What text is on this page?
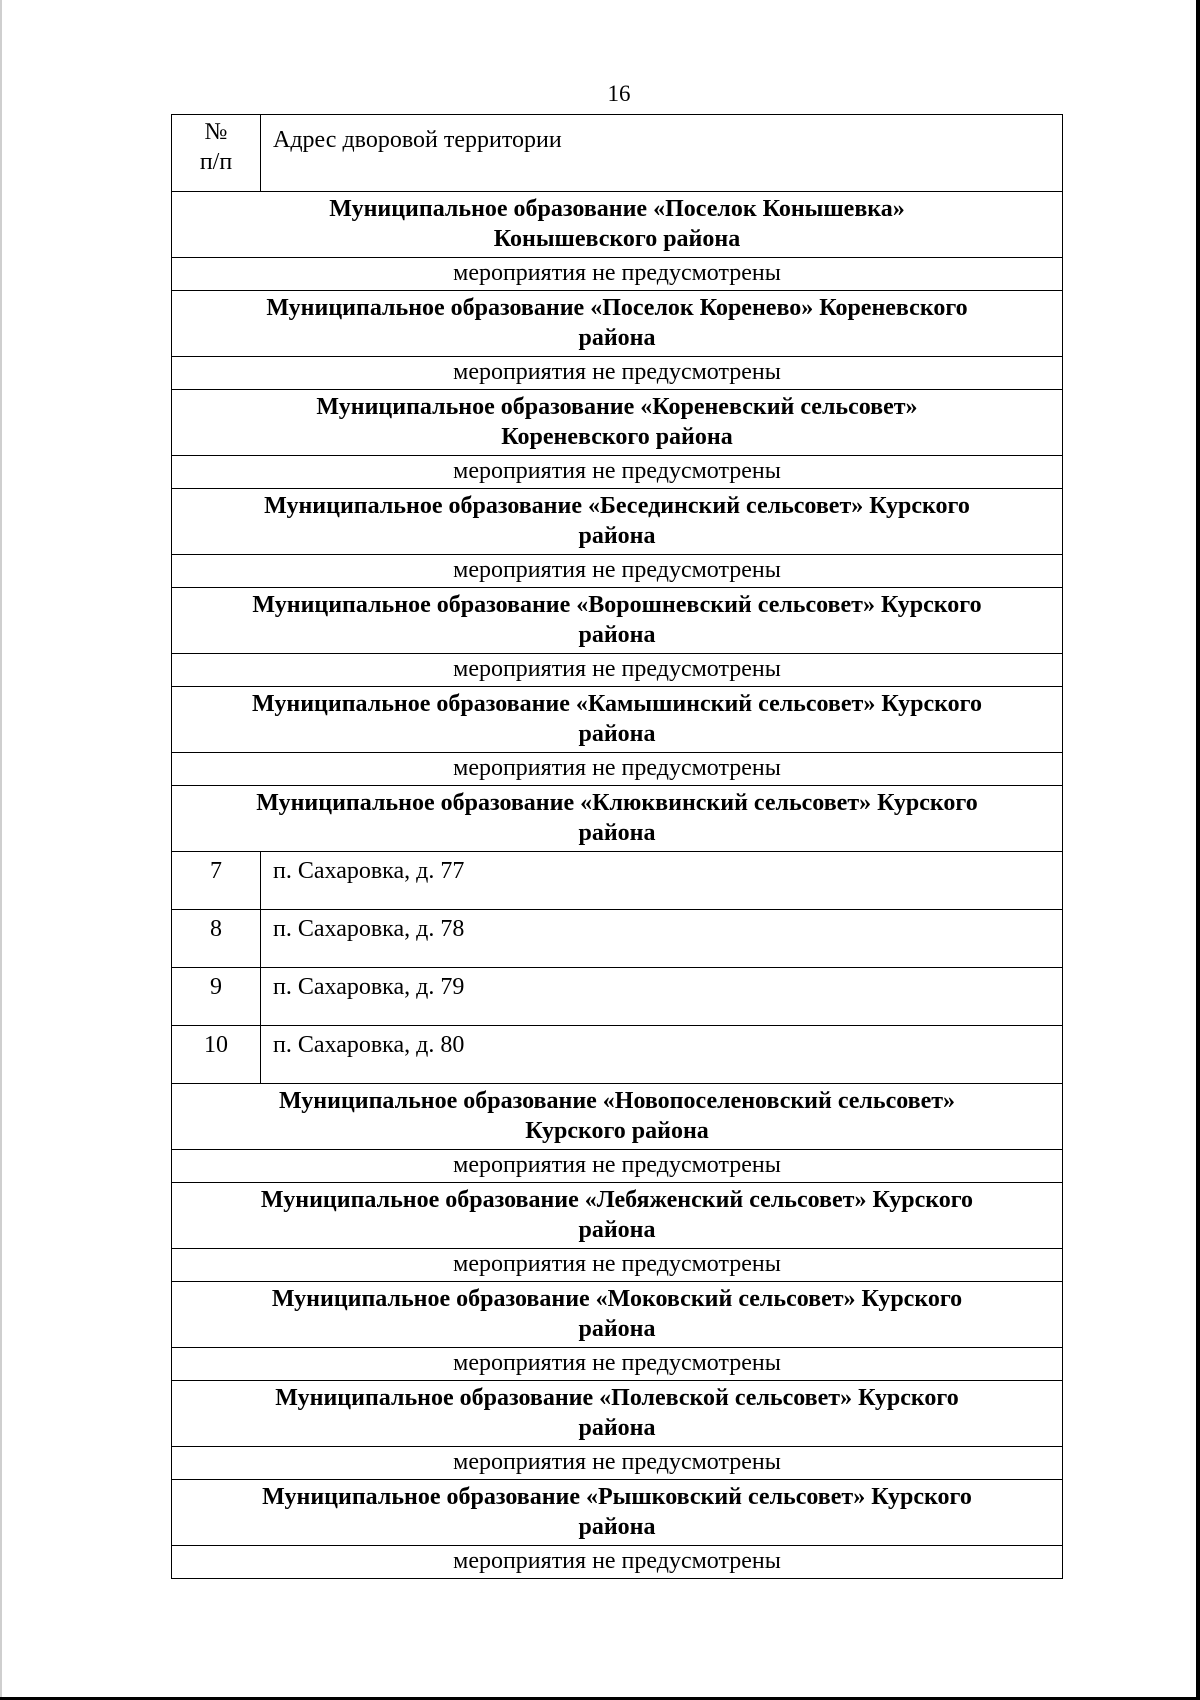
16
№
п/п	Адрес дворовой территории

Муниципальное образование «Поселок Конышевка»
Конышевского района	

мероприятия не предусмотрены	

Муниципальное образование «Поселок Коренево» Кореневского
района	

мероприятия не предусмотрены	

Муниципальное образование «Кореневский сельсовет»
Кореневского района	

мероприятия не предусмотрены	

Муниципальное образование «Бесединский сельсовет» Курского
района	

мероприятия не предусмотрены	

Муниципальное образование «Ворошневский сельсовет» Курского
района	

мероприятия не предусмотрены	

Муниципальное образование «Камышинский сельсовет» Курского
района	

мероприятия не предусмотрены	

Муниципальное образование «Клюквинский сельсовет» Курского
района	

7	п. Сахаровка, д. 77
8	п. Сахаровка, д. 78
9	п. Сахаровка, д. 79
10	п. Сахаровка, д. 80

Муниципальное образование «Новопоселеновский сельсовет»
Курского района	

мероприятия не предусмотрены	

Муниципальное образование «Лебяженский сельсовет» Курского
района	

мероприятия не предусмотрены	

Муниципальное образование «Моковский сельсовет» Курского
района	

мероприятия не предусмотрены	

Муниципальное образование «Полевской сельсовет» Курского
района	

мероприятия не предусмотрены	

Муниципальное образование «Рышковский сельсовет» Курского
района	

мероприятия не предусмотрены	
